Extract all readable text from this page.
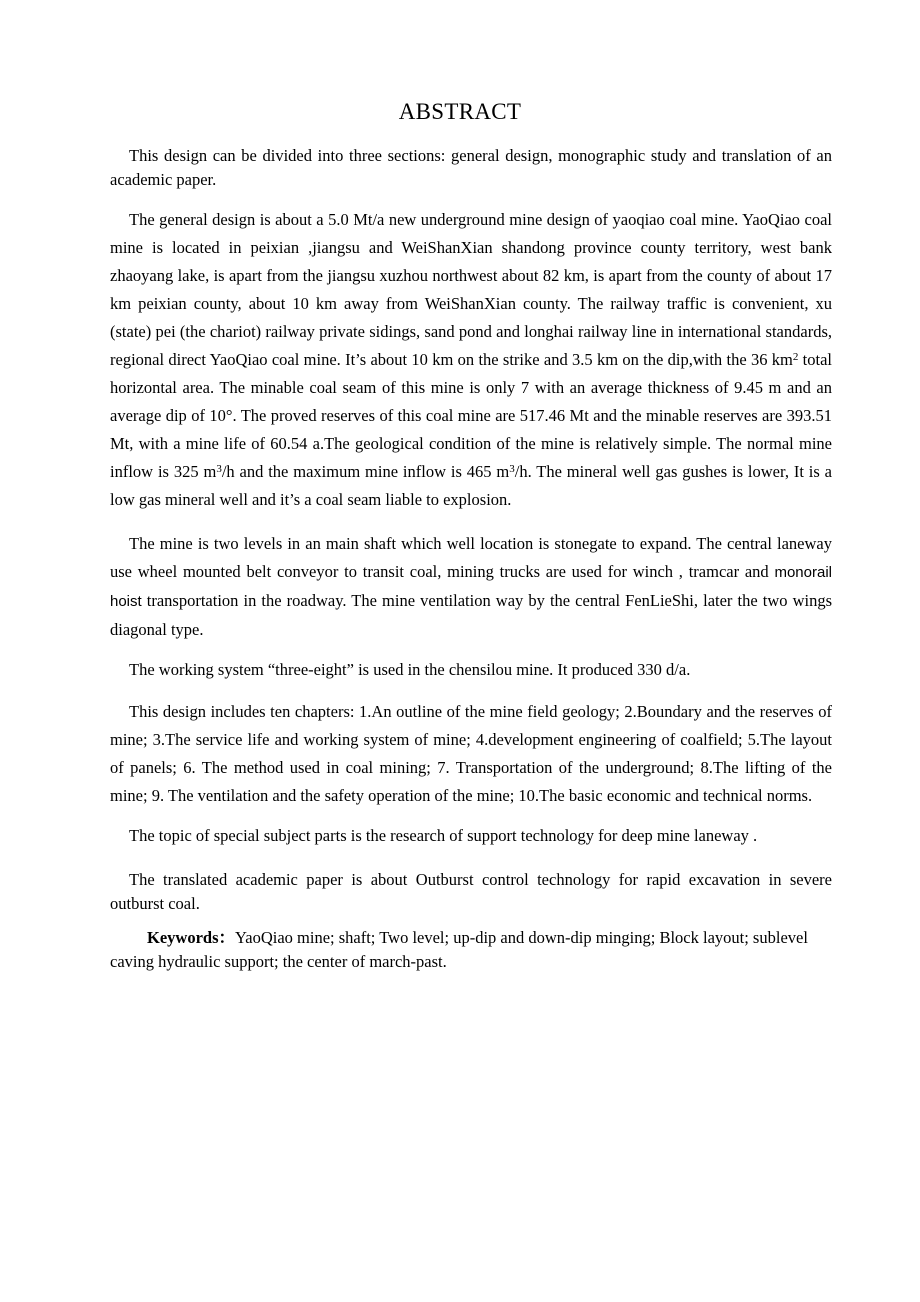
ABSTRACT

This design can be divided into three sections: general design, monographic study and translation of an academic paper.

The general design is about a 5.0 Mt/a new underground mine design of yaoqiao coal mine. YaoQiao coal mine is located in peixian ,jiangsu and WeiShanXian shandong province county territory, west bank zhaoyang lake, is apart from the jiangsu xuzhou northwest about 82 km, is apart from the county of about 17 km peixian county, about 10 km away from WeiShanXian county. The railway traffic is convenient, xu (state) pei (the chariot) railway private sidings, sand pond and longhai railway line in international standards, regional direct YaoQiao coal mine. It’s about 10 km on the strike and 3.5 km on the dip,with the 36 $km^2$ total horizontal area. The minable coal seam of this mine is only 7 with an average thickness of 9.45 m and an average dip of 10°. The proved reserves of this coal mine are 517.46 Mt and the minable reserves are 393.51 Mt, with a mine life of 60.54 a.The geological condition of the mine is relatively simple. The normal mine inflow is 325 $m^3/h$ and the maximum mine inflow is 465 $m^3/h$. The mineral well gas gushes is lower, It is a low gas mineral well and it’s a coal seam liable to explosion.

The mine is two levels in an main shaft which well location is stonegate to expand. The central laneway use wheel mounted belt conveyor to transit coal, mining trucks are used for winch , tramcar and monorail hoist transportation in the roadway. The mine ventilation way by the central FenLieShi, later the two wings diagonal type.

The working system “three-eight” is used in the chensilou mine. It produced 330 d/a.

This design includes ten chapters: 1.An outline of the mine field geology; 2.Boundary and the reserves of mine; 3.The service life and working system of mine; 4.development engineering of coalfield; 5.The layout of panels; 6. The method used in coal mining; 7. Transportation of the underground; 8.The lifting of the mine; 9. The ventilation and the safety operation of the mine; 10.The basic economic and technical norms.

The topic of special subject parts is the research of support technology for deep mine laneway .

The translated academic paper is about Outburst control technology for rapid excavation in severe outburst coal.

Keywords：YaoQiao mine; shaft; Two level; up-dip and down-dip minging; Block layout; sublevel caving hydraulic support; the center of march-past.
